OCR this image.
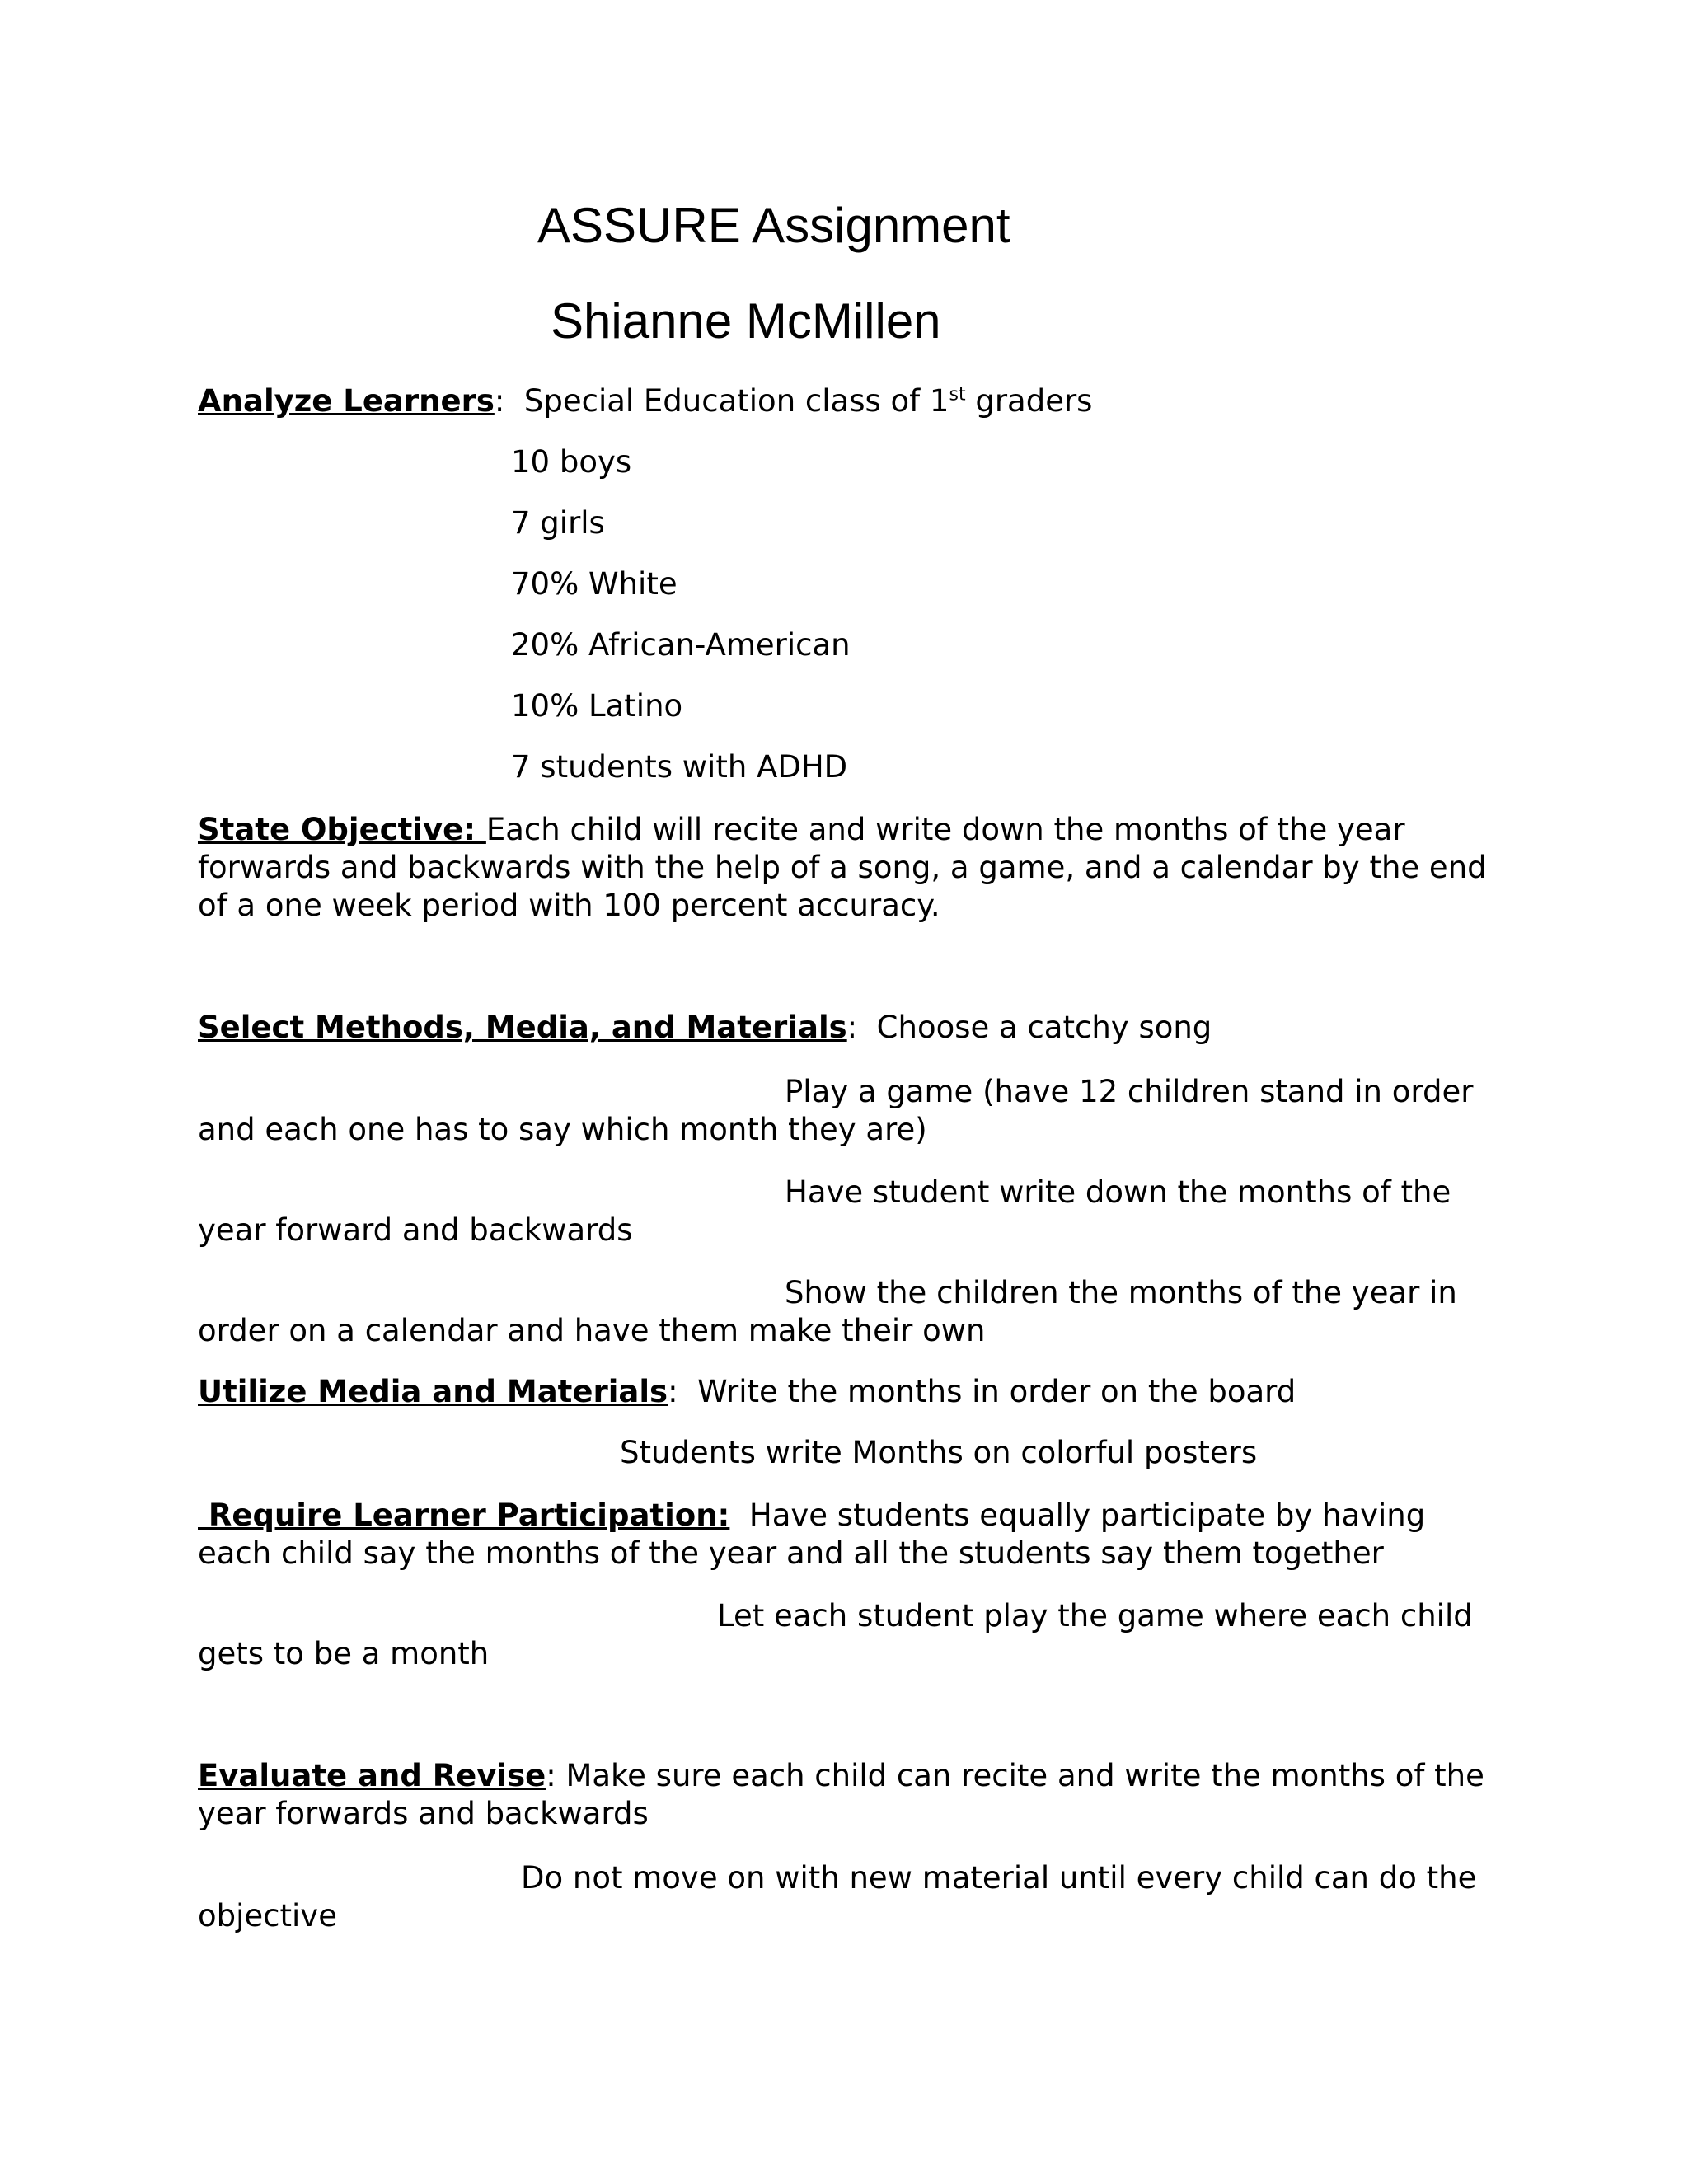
ASSURE Assignment
Shianne McMillen
Analyze Learners: Special Education class of 1st graders
10 boys
7 girls
70% White
20% African-American
10% Latino
7 students with ADHD
State Objective: Each child will recite and write down the months of the year forwards and backwards with the help of a song, a game, and a calendar by the end of a one week period with 100 percent accuracy.
Select Methods, Media, and Materials: Choose a catchy song
Play a game (have 12 children stand in order
and each one has to say which month they are)
Have student write down the months of the
year forward and backwards
Show the children the months of the year in
order on a calendar and have them make their own
Utilize Media and Materials: Write the months in order on the board
Students write Months on colorful posters
Require Learner Participation: Have students equally participate by having each child say the months of the year and all the students say them together
Let each student play the game where each child
gets to be a month
Evaluate and Revise: Make sure each child can recite and write the months of the year forwards and backwards
Do not move on with new material until every child can do the
objective
